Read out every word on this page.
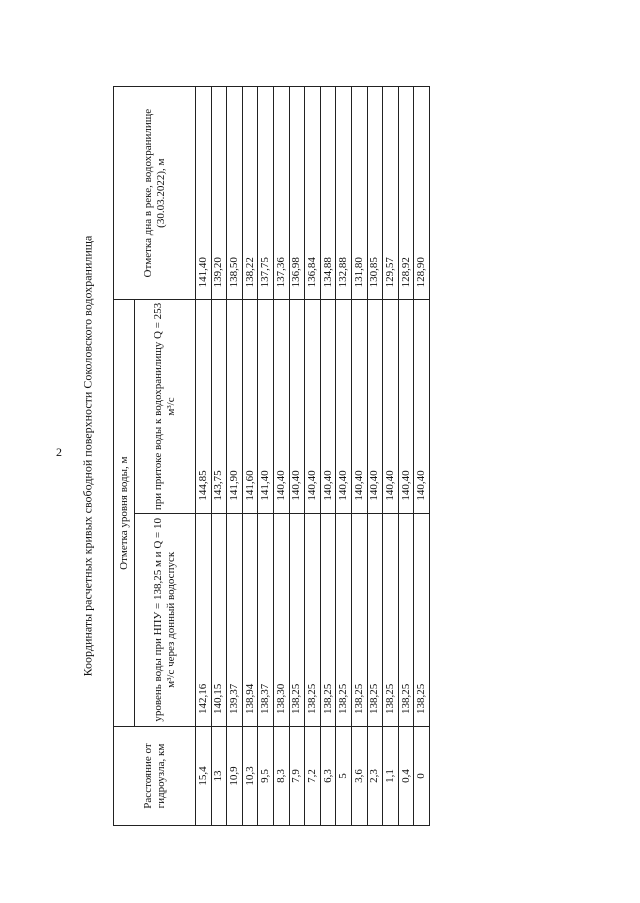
2 Координаты расчетных кривых свободной поверхности Соколовского водохранилища
Расстояние от гидроузла, км	Отметка уровня воды, м		Отметка дна в реке, водохранилище (30.03.2022), м
	уровень воды при НПУ = 138,25 м и Q = 10 м³/с через донный водоспуск	при притоке воды к водохранилищу Q = 253 м³/с	
15,4	142,16	144,85	141,40
13	140,15	143,75	139,20
10,9	139,37	141,90	138,50
10,3	138,94	141,60	138,22
9,5	138,37	141,40	137,75
8,3	138,30	140,40	137,36
7,9	138,25	140,40	136,98
7,2	138,25	140,40	136,84
6,3	138,25	140,40	134,88
5	138,25	140,40	132,88
3,6	138,25	140,40	131,80
2,3	138,25	140,40	130,85
1,1	138,25	140,40	129,57
0,4	138,25	140,40	128,92
0	138,25	140,40	128,90
